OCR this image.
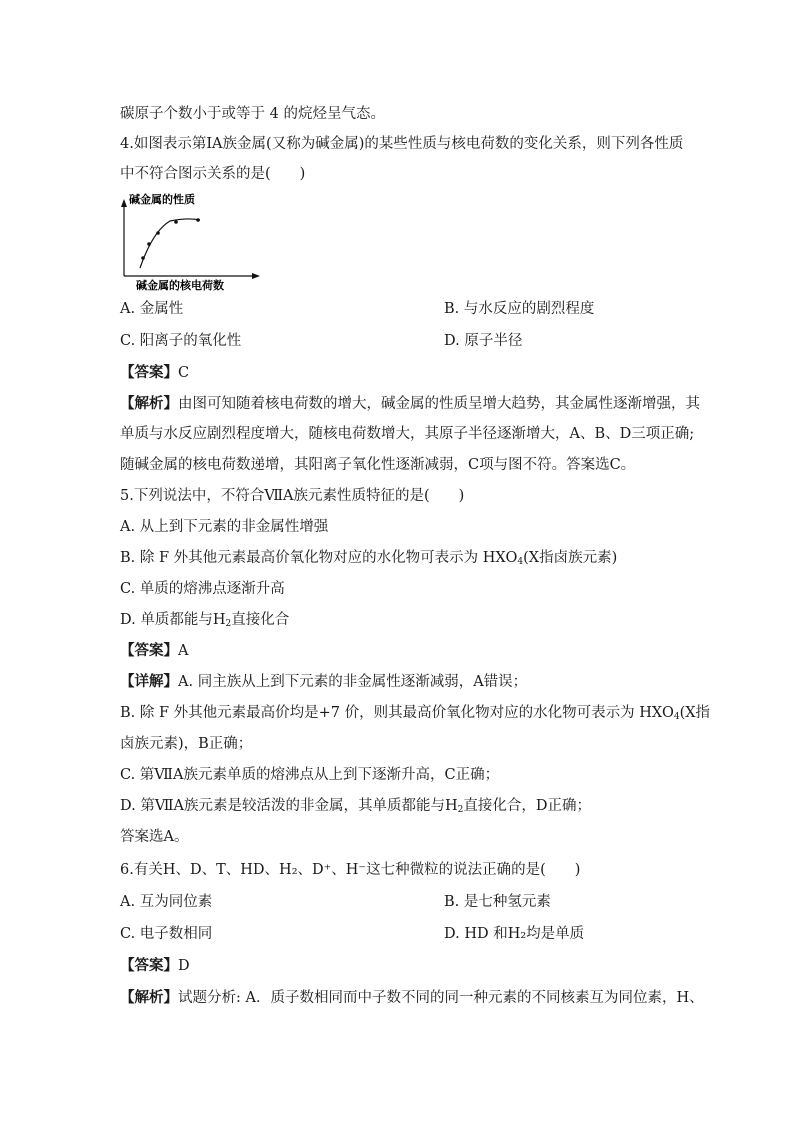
碳原子个数小于或等于 4 的烷烃呈气态。
4.如图表示第ⅠA族金属(又称为碱金属)的某些性质与核电荷数的变化关系，则下列各性质
中不符合图示关系的是(　　)
碱金属的性质
碱金属的核电荷数
A. 金属性	B. 与水反应的剧烈程度
C. 阳离子的氧化性	D. 原子半径
【答案】C
【解析】由图可知随着核电荷数的增大，碱金属的性质呈增大趋势，其金属性逐渐增强，其
单质与水反应剧烈程度增大，随核电荷数增大，其原子半径逐渐增大，A、B、D三项正确;
随碱金属的核电荷数递增，其阳离子氧化性逐渐减弱，C项与图不符。答案选C。
5.下列说法中，不符合ⅦA族元素性质特征的是(　　)
A. 从上到下元素的非金属性增强
B. 除 F 外其他元素最高价氧化物对应的水化物可表示为 $HXO_4(X$指卤族元素)
C. 单质的熔沸点逐渐升高
D. 单质都能与$H_2$直接化合
【答案】A
【详解】A. 同主族从上到下元素的非金属性逐渐减弱，A错误；
B. 除 F 外其他元素最高价均是+7 价，则其最高价氧化物对应的水化物可表示为 $HXO_4(X$指
卤族元素)，B正确；
C. 第ⅦA族元素单质的熔沸点从上到下逐渐升高，C正确；
D. 第ⅦA族元素是较活泼的非金属，其单质都能与$H_2$直接化合，D正确；
答案选A。
6.有关H、D、T、HD、H₂、D⁺、H⁻这七种微粒的说法正确的是(　　)
A. 互为同位素	B. 是七种氢元素
C. 电子数相同	D. HD 和H₂均是单质
【答案】D
【解析】试题分析: A．质子数相同而中子数不同的同一种元素的不同核素互为同位素，H、
